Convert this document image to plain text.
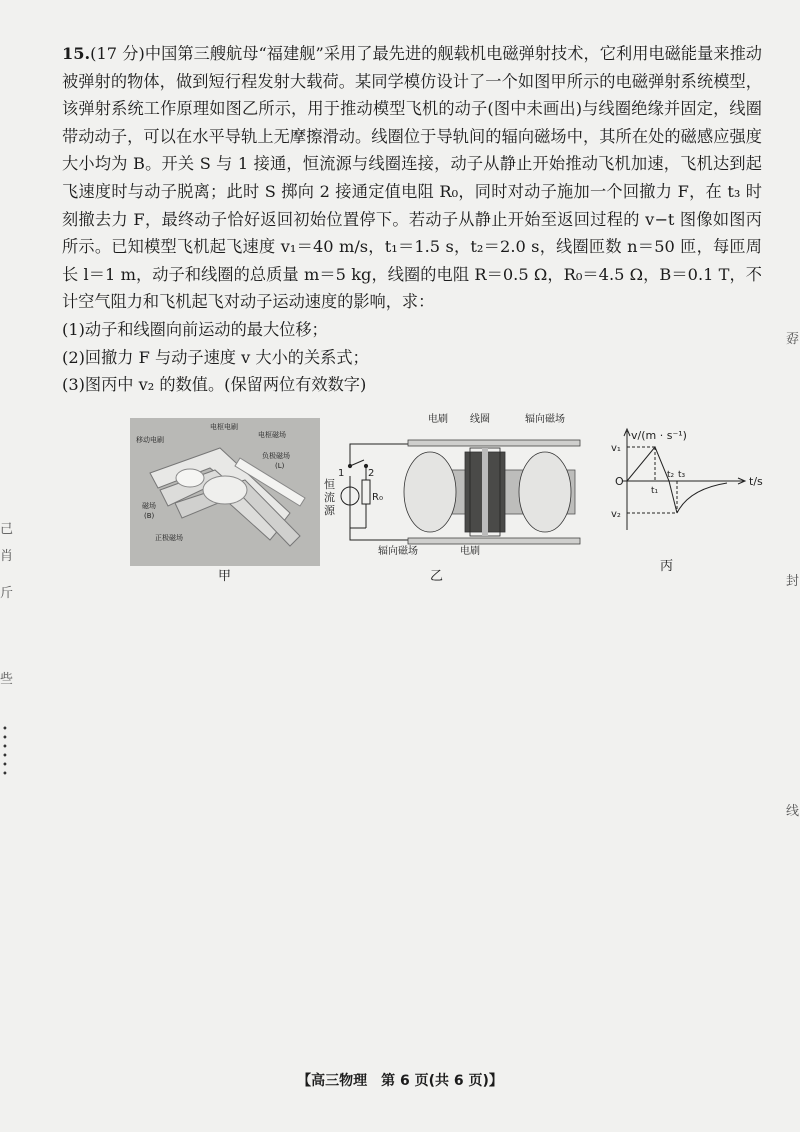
15.(17 分)中国第三艘航母“福建舰”采用了最先进的舰载机电磁弹射技术，它利用电磁能量来推动被弹射的物体，做到短行程发射大载荷。某同学模仿设计了一个如图甲所示的电磁弹射系统模型，该弹射系统工作原理如图乙所示，用于推动模型飞机的动子(图中未画出)与线圈绝缘并固定，线圈带动动子，可以在水平导轨上无摩擦滑动。线圈位于导轨间的辐向磁场中，其所在处的磁感应强度大小均为 B。开关 S 与 1 接通，恒流源与线圈连接，动子从静止开始推动飞机加速，飞机达到起飞速度时与动子脱离；此时 S 掷向 2 接通定值电阻 R₀，同时对动子施加一个回撤力 F，在 t₃ 时刻撤去力 F，最终动子恰好返回初始位置停下。若动子从静止开始至返回过程的 v−t 图像如图丙所示。已知模型飞机起飞速度 v₁＝40 m/s，t₁＝1.5 s，t₂＝2.0 s，线圈匝数 n＝50 匝，每匝周长 l＝1 m，动子和线圈的总质量 m＝5 kg，线圈的电阻 R＝0.5 Ω，R₀＝4.5 Ω，B＝0.1 T，不计空气阻力和飞机起飞对动子运动速度的影响，求：

(1)动子和线圈向前运动的最大位移；

(2)回撤力 F 与动子速度 v 大小的关系式；

(3)图丙中 v₂ 的数值。(保留两位有效数字)

移动电刷
电枢电刷
电枢磁场
负极磁场
(L)
磁场
(B)
正极磁场
甲
电刷 线圈	辐向磁场
1 2
恒
流
源
R₀
辐向磁场	电刷
乙
v/(m · s⁻¹)
t/s
O
v₁
v₂
t₁
t₂ t₃
丙
己
肖
斤
些
•
•
•
•
•
•
孬
封
线
【高三物理　第 6 页(共 6 页)】
